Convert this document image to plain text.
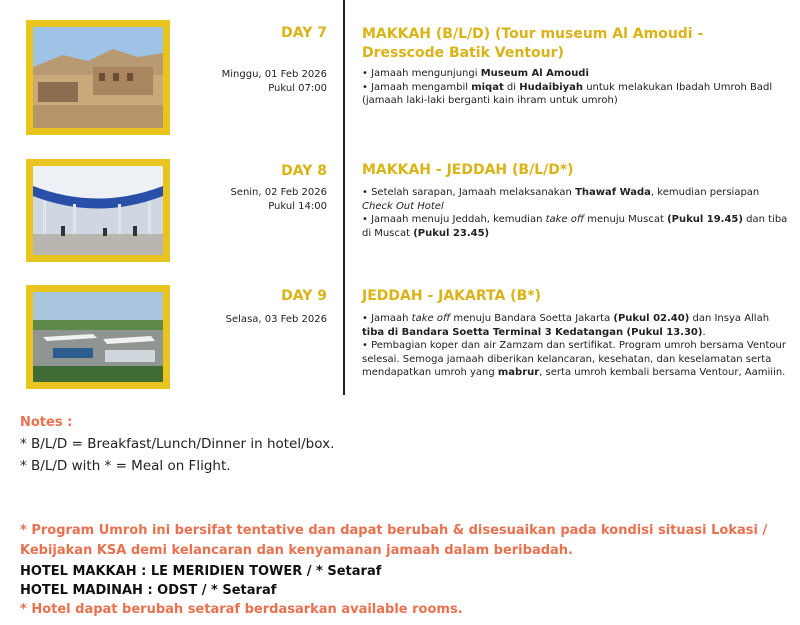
DAY 7
Minggu, 01 Feb 2026
Pukul 07:00
MAKKAH (B/L/D) (Tour museum Al Amoudi - Dresscode Batik Ventour)
• Jamaah mengunjungi Museum Al Amoudi
• Jamaah mengambil miqat di Hudaibiyah untuk melakukan Ibadah Umroh Badl (jamaah laki-laki berganti kain ihram untuk umroh)
DAY 8
Senin, 02 Feb 2026
Pukul 14:00
MAKKAH - JEDDAH (B/L/D*)
• Setelah sarapan, Jamaah melaksanakan Thawaf Wada, kemudian persiapan Check Out Hotel
• Jamaah menuju Jeddah, kemudian take off menuju Muscat (Pukul 19.45) dan tiba di Muscat (Pukul 23.45)
DAY 9
Selasa, 03 Feb 2026
JEDDAH - JAKARTA (B*)
• Jamaah take off menuju Bandara Soetta Jakarta (Pukul 02.40) dan Insya Allah tiba di Bandara Soetta Terminal 3 Kedatangan (Pukul 13.30).
• Pembagian koper dan air Zamzam dan sertifikat. Program umroh bersama Ventour selesai. Semoga jamaah diberikan kelancaran, kesehatan, dan keselamatan serta mendapatkan umroh yang mabrur, serta umroh kembali bersama Ventour, Aamiiin.
Notes :
* B/L/D = Breakfast/Lunch/Dinner in hotel/box.
* B/L/D with * = Meal on Flight.
* Program Umroh ini bersifat tentative dan dapat berubah & disesuaikan pada kondisi situasi Lokasi / Kebijakan KSA demi kelancaran dan kenyamanan jamaah dalam beribadah.
HOTEL MAKKAH : LE MERIDIEN TOWER / * Setaraf
HOTEL MADINAH : ODST / * Setaraf
* Hotel dapat berubah setaraf berdasarkan available rooms.
